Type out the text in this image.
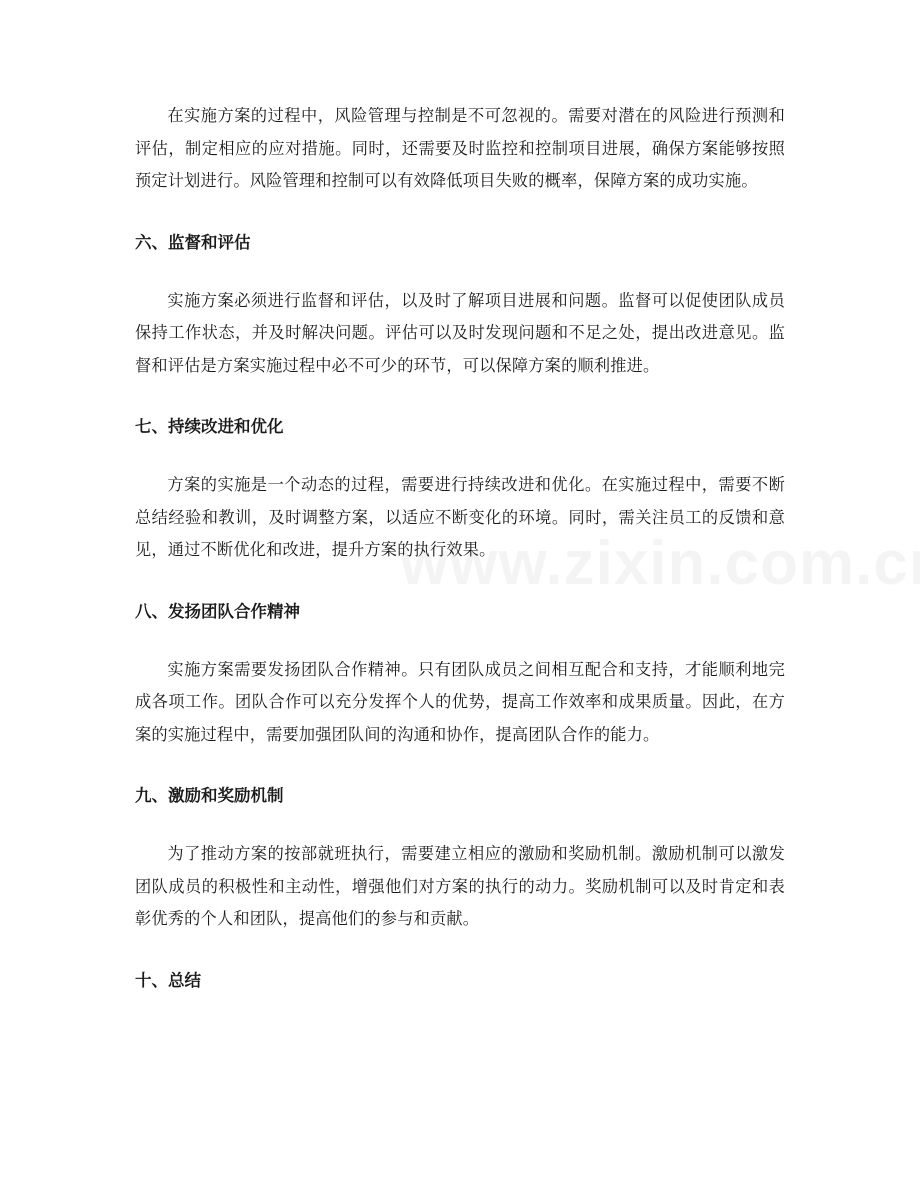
在实施方案的过程中，风险管理与控制是不可忽视的。需要对潜在的风险进行预测和评估，制定相应的应对措施。同时，还需要及时监控和控制项目进展，确保方案能够按照预定计划进行。风险管理和控制可以有效降低项目失败的概率，保障方案的成功实施。

六、监督和评估

实施方案必须进行监督和评估，以及时了解项目进展和问题。监督可以促使团队成员保持工作状态，并及时解决问题。评估可以及时发现问题和不足之处，提出改进意见。监督和评估是方案实施过程中必不可少的环节，可以保障方案的顺利推进。

七、持续改进和优化

方案的实施是一个动态的过程，需要进行持续改进和优化。在实施过程中，需要不断总结经验和教训，及时调整方案，以适应不断变化的环境。同时，需关注员工的反馈和意见，通过不断优化和改进，提升方案的执行效果。

八、发扬团队合作精神

实施方案需要发扬团队合作精神。只有团队成员之间相互配合和支持，才能顺利地完成各项工作。团队合作可以充分发挥个人的优势，提高工作效率和成果质量。因此，在方案的实施过程中，需要加强团队间的沟通和协作，提高团队合作的能力。

九、激励和奖励机制

为了推动方案的按部就班执行，需要建立相应的激励和奖励机制。激励机制可以激发团队成员的积极性和主动性，增强他们对方案的执行的动力。奖励机制可以及时肯定和表彰优秀的个人和团队，提高他们的参与和贡献。

十、总结
